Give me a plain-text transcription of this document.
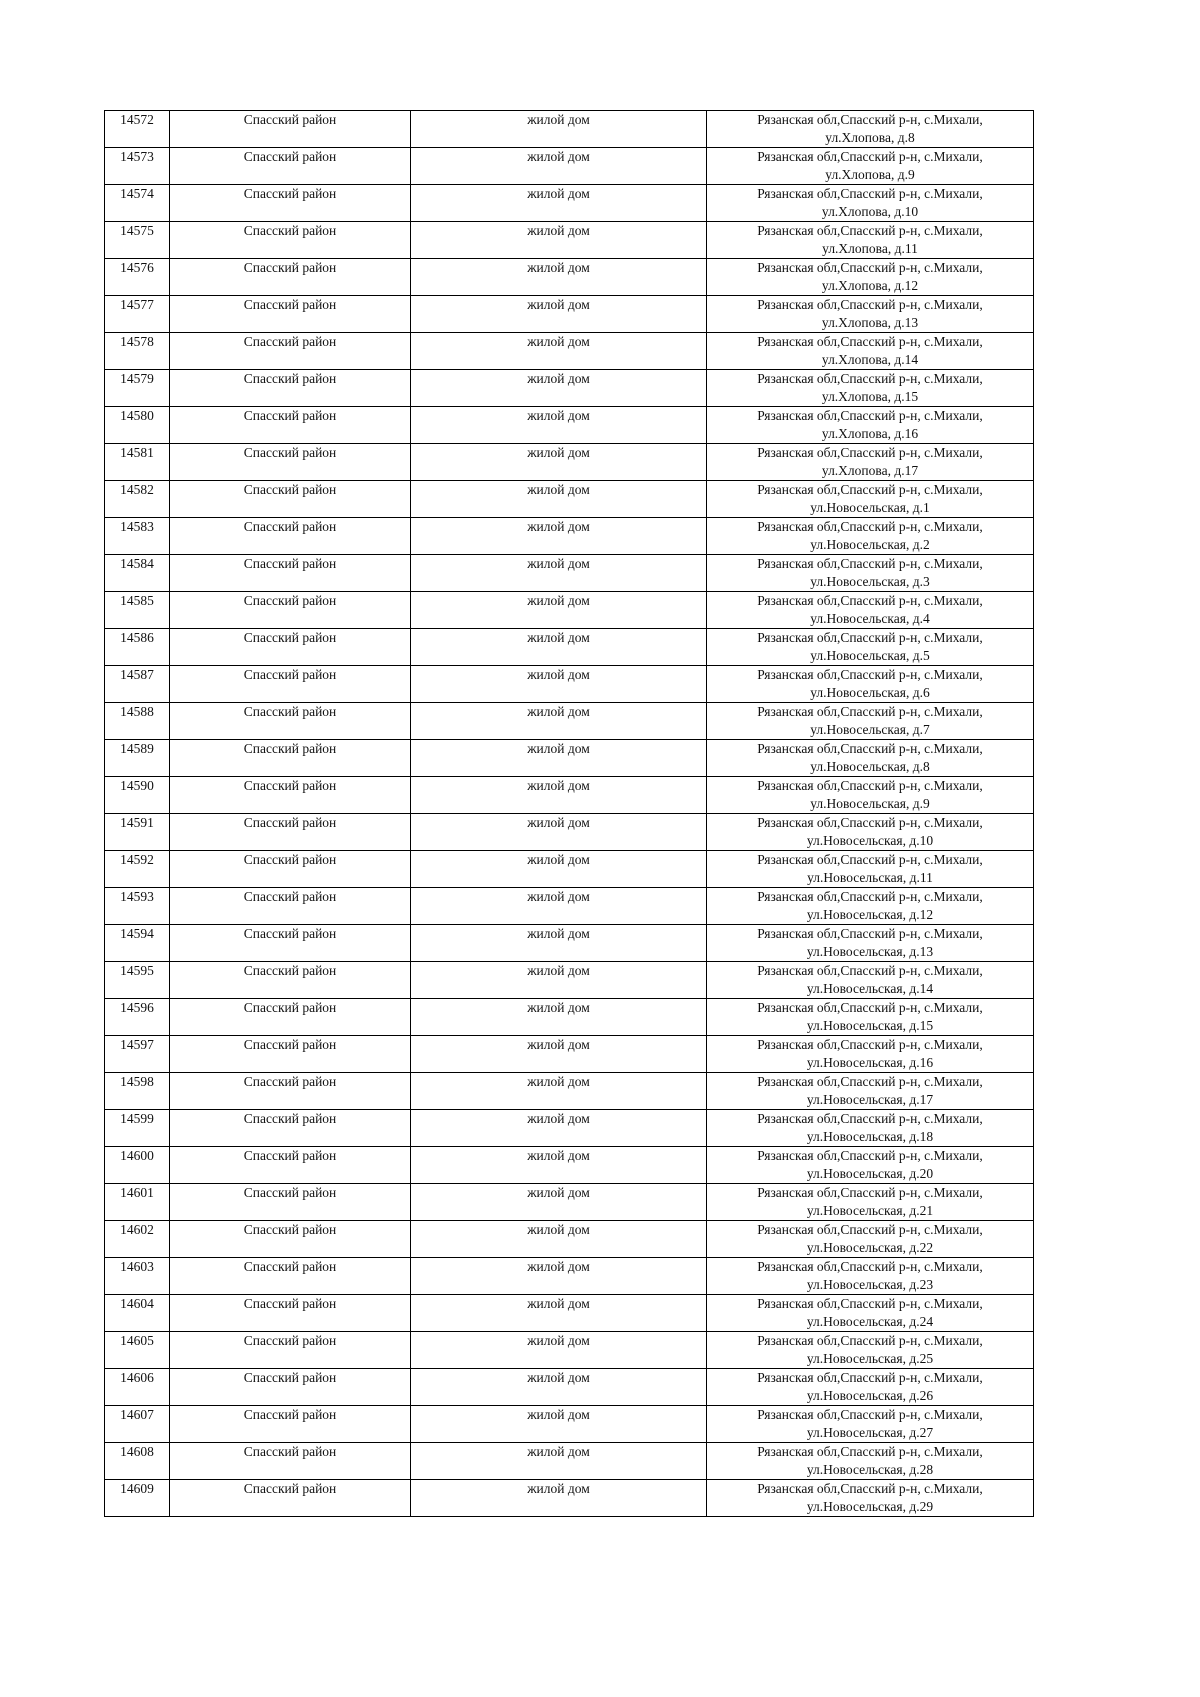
14572	Спасский район	жилой дом	Рязанская обл,Спасский р-н, с.Михали,
ул.Хлопова, д.8

14573	Спасский район	жилой дом	Рязанская обл,Спасский р-н, с.Михали,
ул.Хлопова, д.9

14574	Спасский район	жилой дом	Рязанская обл,Спасский р-н, с.Михали,
ул.Хлопова, д.10

14575	Спасский район	жилой дом	Рязанская обл,Спасский р-н, с.Михали,
ул.Хлопова, д.11

14576	Спасский район	жилой дом	Рязанская обл,Спасский р-н, с.Михали,
ул.Хлопова, д.12

14577	Спасский район	жилой дом	Рязанская обл,Спасский р-н, с.Михали,
ул.Хлопова, д.13

14578	Спасский район	жилой дом	Рязанская обл,Спасский р-н, с.Михали,
ул.Хлопова, д.14

14579	Спасский район	жилой дом	Рязанская обл,Спасский р-н, с.Михали,
ул.Хлопова, д.15

14580	Спасский район	жилой дом	Рязанская обл,Спасский р-н, с.Михали,
ул.Хлопова, д.16

14581	Спасский район	жилой дом	Рязанская обл,Спасский р-н, с.Михали,
ул.Хлопова, д.17

14582	Спасский район	жилой дом	Рязанская обл,Спасский р-н, с.Михали,
ул.Новосельская, д.1

14583	Спасский район	жилой дом	Рязанская обл,Спасский р-н, с.Михали,
ул.Новосельская, д.2

14584	Спасский район	жилой дом	Рязанская обл,Спасский р-н, с.Михали,
ул.Новосельская, д.3

14585	Спасский район	жилой дом	Рязанская обл,Спасский р-н, с.Михали,
ул.Новосельская, д.4

14586	Спасский район	жилой дом	Рязанская обл,Спасский р-н, с.Михали,
ул.Новосельская, д.5

14587	Спасский район	жилой дом	Рязанская обл,Спасский р-н, с.Михали,
ул.Новосельская, д.6

14588	Спасский район	жилой дом	Рязанская обл,Спасский р-н, с.Михали,
ул.Новосельская, д.7

14589	Спасский район	жилой дом	Рязанская обл,Спасский р-н, с.Михали,
ул.Новосельская, д.8

14590	Спасский район	жилой дом	Рязанская обл,Спасский р-н, с.Михали,
ул.Новосельская, д.9

14591	Спасский район	жилой дом	Рязанская обл,Спасский р-н, с.Михали,
ул.Новосельская, д.10

14592	Спасский район	жилой дом	Рязанская обл,Спасский р-н, с.Михали,
ул.Новосельская, д.11

14593	Спасский район	жилой дом	Рязанская обл,Спасский р-н, с.Михали,
ул.Новосельская, д.12

14594	Спасский район	жилой дом	Рязанская обл,Спасский р-н, с.Михали,
ул.Новосельская, д.13

14595	Спасский район	жилой дом	Рязанская обл,Спасский р-н, с.Михали,
ул.Новосельская, д.14

14596	Спасский район	жилой дом	Рязанская обл,Спасский р-н, с.Михали,
ул.Новосельская, д.15

14597	Спасский район	жилой дом	Рязанская обл,Спасский р-н, с.Михали,
ул.Новосельская, д.16

14598	Спасский район	жилой дом	Рязанская обл,Спасский р-н, с.Михали,
ул.Новосельская, д.17

14599	Спасский район	жилой дом	Рязанская обл,Спасский р-н, с.Михали,
ул.Новосельская, д.18

14600	Спасский район	жилой дом	Рязанская обл,Спасский р-н, с.Михали,
ул.Новосельская, д.20

14601	Спасский район	жилой дом	Рязанская обл,Спасский р-н, с.Михали,
ул.Новосельская, д.21

14602	Спасский район	жилой дом	Рязанская обл,Спасский р-н, с.Михали,
ул.Новосельская, д.22

14603	Спасский район	жилой дом	Рязанская обл,Спасский р-н, с.Михали,
ул.Новосельская, д.23

14604	Спасский район	жилой дом	Рязанская обл,Спасский р-н, с.Михали,
ул.Новосельская, д.24

14605	Спасский район	жилой дом	Рязанская обл,Спасский р-н, с.Михали,
ул.Новосельская, д.25

14606	Спасский район	жилой дом	Рязанская обл,Спасский р-н, с.Михали,
ул.Новосельская, д.26

14607	Спасский район	жилой дом	Рязанская обл,Спасский р-н, с.Михали,
ул.Новосельская, д.27

14608	Спасский район	жилой дом	Рязанская обл,Спасский р-н, с.Михали,
ул.Новосельская, д.28

14609	Спасский район	жилой дом	Рязанская обл,Спасский р-н, с.Михали,
ул.Новосельская, д.29
